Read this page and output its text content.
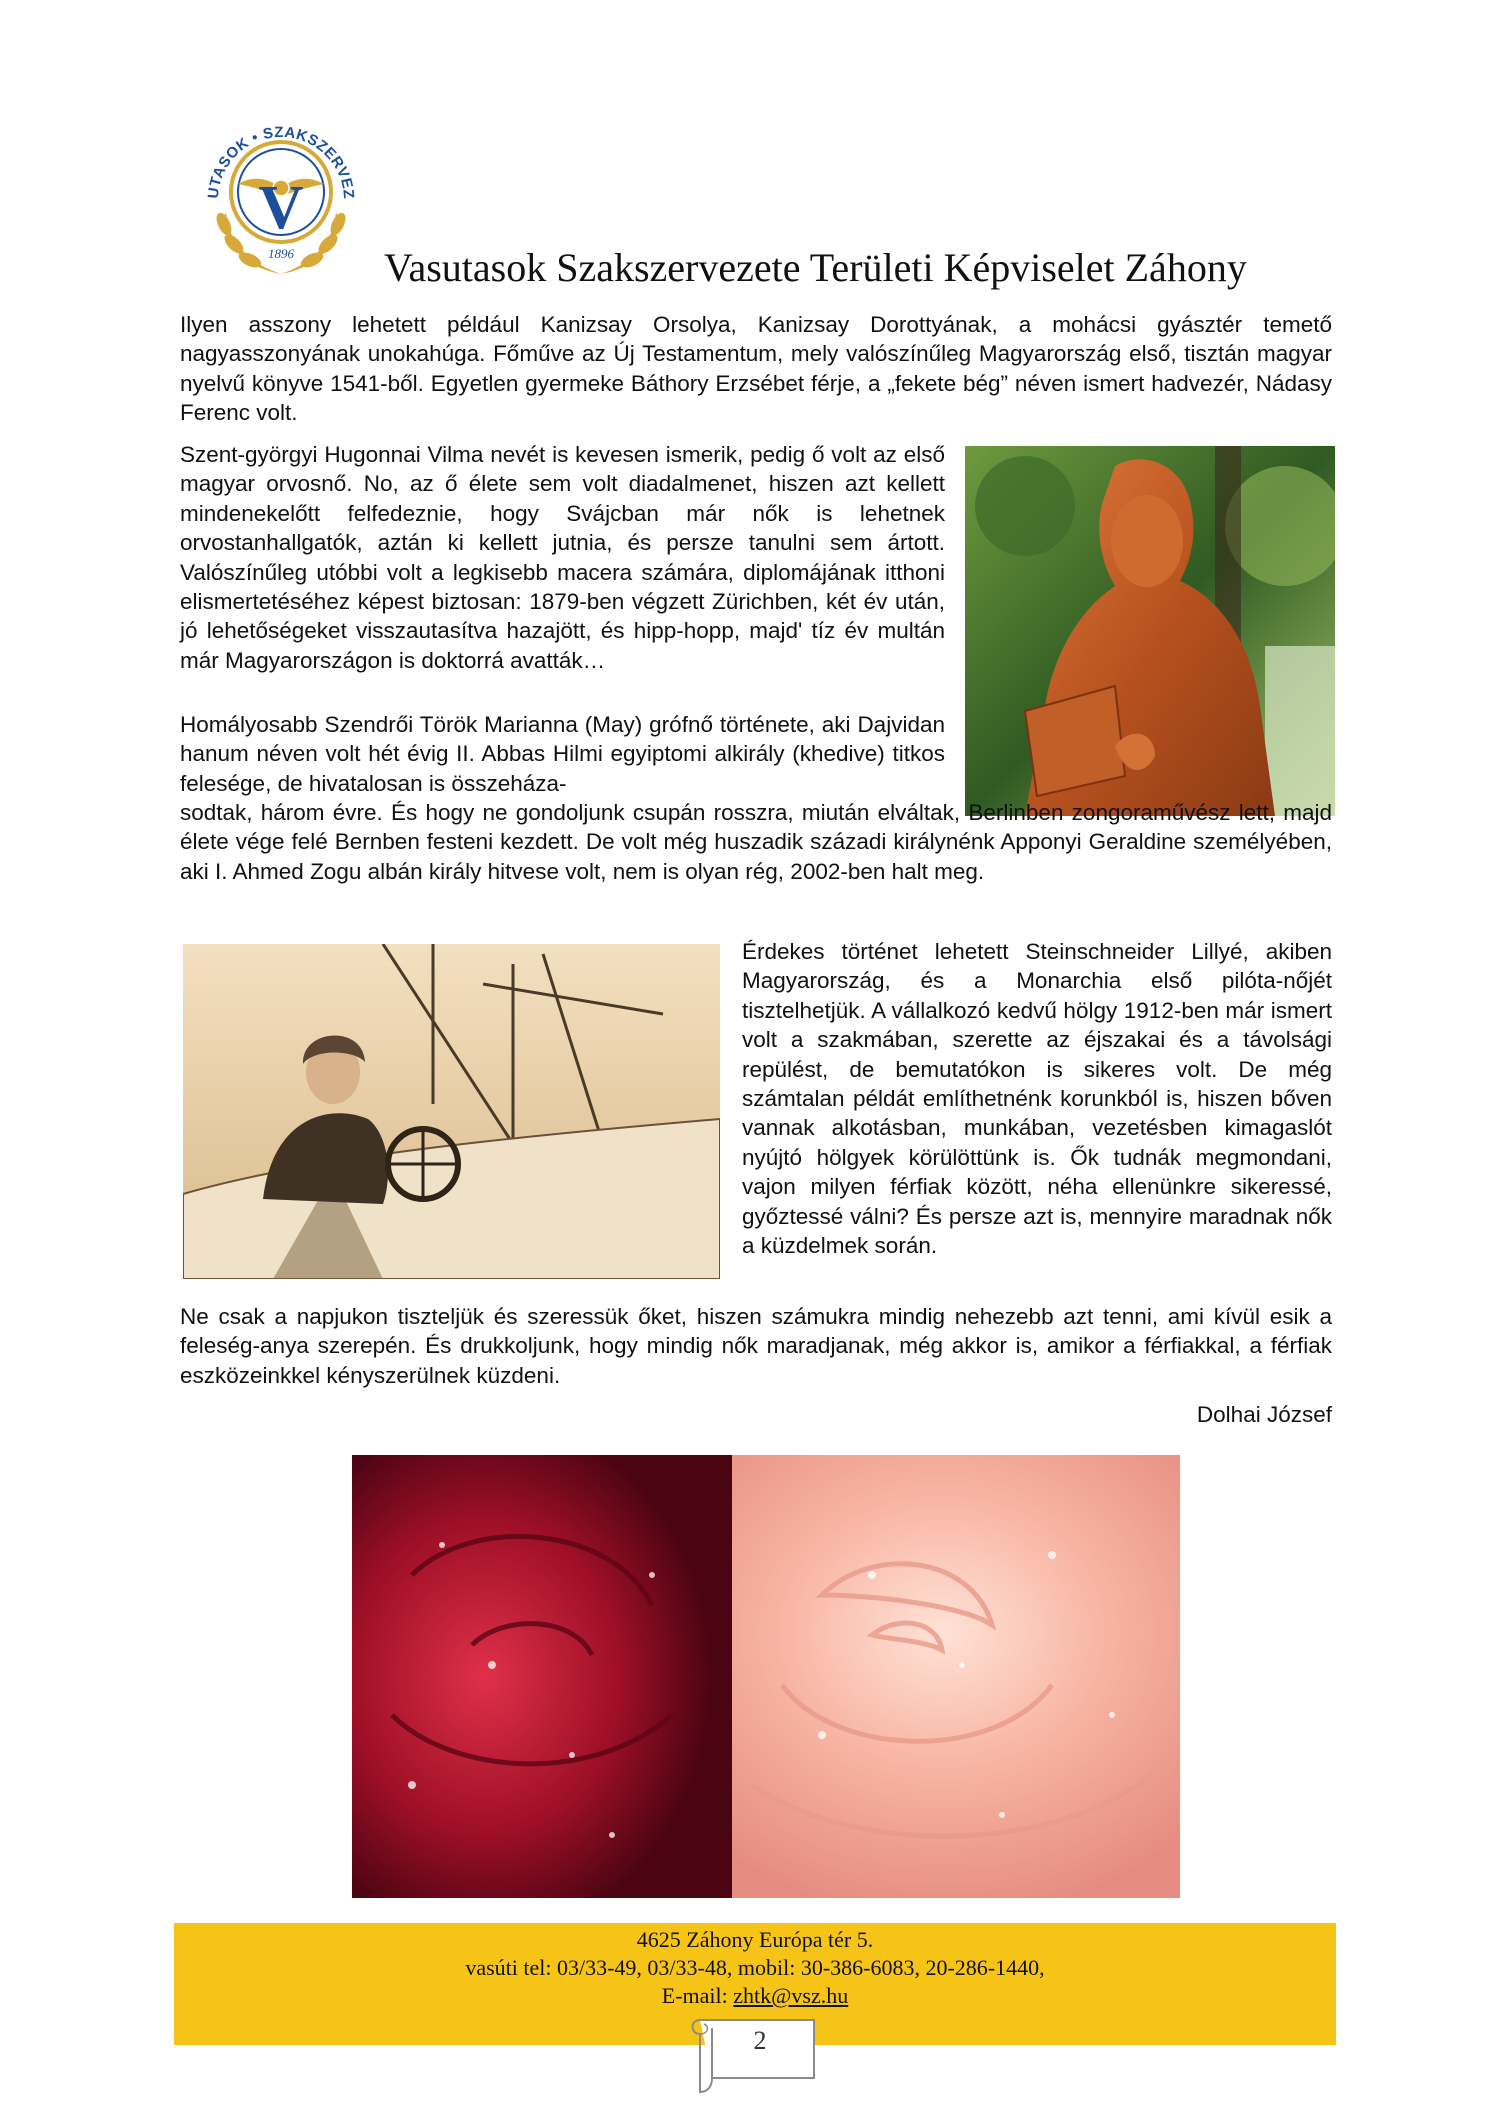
V
UTASOK • SZAKSZERVEZ
1896 Vasutasok Szakszervezete Területi Képviselet Záhony

Ilyen asszony lehetett például Kanizsay Orsolya, Kanizsay Dorottyának, a mohácsi gyásztér temető nagyasszonyának unokahúga. Főműve az Új Testamentum, mely valószínűleg Magyarország első, tisztán magyar nyelvű könyve 1541-ből. Egyetlen gyermeke Báthory Erzsébet férje, a „fekete bég” néven ismert hadvezér, Nádasy Ferenc volt.

Szent-györgyi Hugonnai Vilma nevét is kevesen ismerik, pedig ő volt az első magyar orvosnő. No, az ő élete sem volt diadalmenet, hiszen azt kellett mindenekelőtt felfedeznie, hogy Svájcban már nők is lehetnek orvostanhallgatók, aztán ki kellett jutnia, és persze tanulni sem ártott. Valószínűleg utóbbi volt a legkisebb macera számára, diplomájának itthoni elismertetéséhez képest biztosan: 1879-ben végzett Zürichben, két év után, jó lehetőségeket visszautasítva hazajött, és hipp-hopp, majd' tíz év multán már Magyarországon is doktorrá avatták…

Homályosabb Szendrői Török Marianna (May) grófnő története, aki Dajvidan hanum néven volt hét évig II. Abbas Hilmi egyiptomi alkirály (khedive) titkos felesége, de hivatalosan is összeháza-

sodtak, három évre. És hogy ne gondoljunk csupán rosszra, miután elváltak, Berlinben zongoraművész lett, majd élete vége felé Bernben festeni kezdett. De volt még huszadik századi királynénk Apponyi Geraldine személyében, aki I. Ahmed Zogu albán király hitvese volt, nem is olyan rég, 2002-ben halt meg.

Érdekes történet lehetett Steinschneider Lillyé, akiben Magyarország, és a Monarchia első pilóta-nőjét tisztelhetjük. A vállalkozó kedvű hölgy 1912-ben már ismert volt a szakmában, szerette az éjszakai és a távolsági repülést, de bemutatókon is sikeres volt. De még számtalan példát említhetnénk korunkból is, hiszen bőven vannak alkotásban, munkában, vezetésben kimagaslót nyújtó hölgyek körülöttünk is. Ők tudnák megmondani, vajon milyen férfiak között, néha ellenünkre sikeressé, győztessé válni? És persze azt is, mennyire maradnak nők a küzdelmek során.

Ne csak a napjukon tiszteljük és szeressük őket, hiszen számukra mindig nehezebb azt tenni, ami kívül esik a feleség-anya szerepén. És drukkoljunk, hogy mindig nők maradjanak, még akkor is, amikor a férfiakkal, a férfiak eszközeinkkel kényszerülnek küzdeni.

Dolhai József

4625 Záhony Európa tér 5.

vasúti tel: 03/33-49, 03/33-48, mobil: 30-386-6083, 20-286-1440,

E-mail: zhtk@vsz.hu

2
